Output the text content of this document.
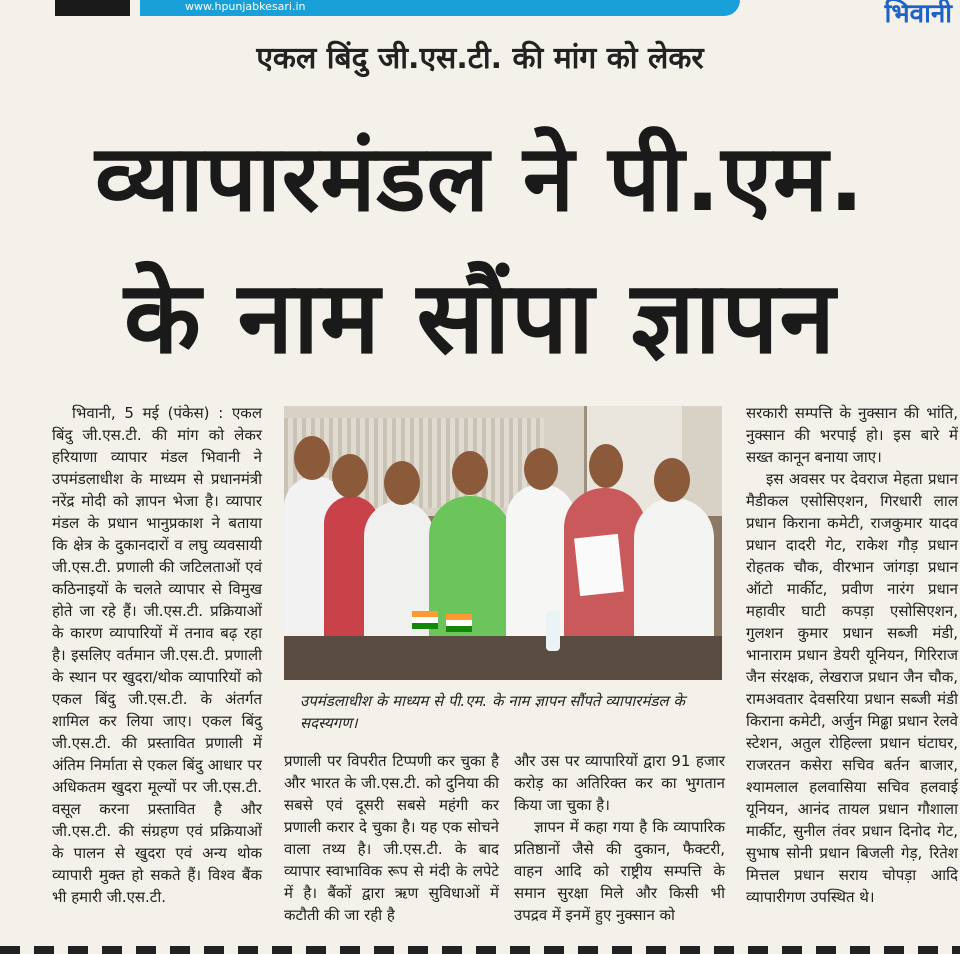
www.hpunjabkesari.in	भिवानी
एकल बिंदु जी.एस.टी. की मांग को लेकर
व्यापारमंडल ने पी.एम.
के नाम सौंपा ज्ञापन

भिवानी, 5 मई (पंकेस) : एकल बिंदु जी.एस.टी. की मांग को लेकर हरियाणा व्यापार मंडल भिवानी ने उपमंडलाधीश के माध्यम से प्रधानमंत्री नरेंद्र मोदी को ज्ञापन भेजा है। व्यापार मंडल के प्रधान भानुप्रकाश ने बताया कि क्षेत्र के दुकानदारों व लघु व्यवसायी जी.एस.टी. प्रणाली की जटिलताओं एवं कठिनाइयों के चलते व्यापार से विमुख होते जा रहे हैं। जी.एस.टी. प्रक्रियाओं के कारण व्यापारियों में तनाव बढ़ रहा है। इसलिए वर्तमान जी.एस.टी. प्रणाली के स्थान पर खुदरा/थोक व्यापारियों को एकल बिंदु जी.एस.टी. के अंतर्गत शामिल कर लिया जाए। एकल बिंदु जी.एस.टी. की प्रस्तावित प्रणाली में अंतिम निर्माता से एकल बिंदु आधार पर अधिकतम खुदरा मूल्यों पर जी.एस.टी. वसूल करना प्रस्तावित है और जी.एस.टी. की संग्रहण एवं प्रक्रियाओं के पालन से खुदरा एवं अन्य थोक व्यापारी मुक्त हो सकते हैं। विश्व बैंक भी हमारी जी.एस.टी.

उपमंडलाधीश के माध्यम से पी.एम. के नाम ज्ञापन सौंपते व्यापारमंडल के सदस्यगण।

प्रणाली पर विपरीत टिप्पणी कर चुका है और भारत के जी.एस.टी. को दुनिया की सबसे एवं दूसरी सबसे महंगी कर प्रणाली करार दे चुका है। यह एक सोचने वाला तथ्य है। जी.एस.टी. के बाद व्यापार स्वाभाविक रूप से मंदी के लपेटे में है। बैंकों द्वारा ऋण सुविधाओं में कटौती की जा रही है

और उस पर व्यापारियों द्वारा 91 हजार करोड़ का अतिरिक्त कर का भुगतान किया जा चुका है।

ज्ञापन में कहा गया है कि व्यापारिक प्रतिष्ठानों जैसे की दुकान, फैक्टरी, वाहन आदि को राष्ट्रीय सम्पत्ति के समान सुरक्षा मिले और किसी भी उपद्रव में इनमें हुए नुक्सान को

सरकारी सम्पत्ति के नुक्सान की भांति, नुक्सान की भरपाई हो। इस बारे में सख्त कानून बनाया जाए।

इस अवसर पर देवराज मेहता प्रधान मैडीकल एसोसिएशन, गिरधारी लाल प्रधान किराना कमेटी, राजकुमार यादव प्रधान दादरी गेट, राकेश गौड़ प्रधान रोहतक चौक, वीरभान जांगड़ा प्रधान ऑटो मार्कीट, प्रवीण नारंग प्रधान महावीर घाटी कपड़ा एसोसिएशन, गुलशन कुमार प्रधान सब्जी मंडी, भानाराम प्रधान डेयरी यूनियन, गिरिराज जैन संरक्षक, लेखराज प्रधान जैन चौक, रामअवतार देवसरिया प्रधान सब्जी मंडी किराना कमेटी, अर्जुन मिढ्ढा प्रधान रेलवे स्टेशन, अतुल रोहिल्ला प्रधान घंटाघर, राजरतन कसेरा सचिव बर्तन बाजार, श्यामलाल हलवासिया सचिव हलवाई यूनियन, आनंद तायल प्रधान गौशाला मार्कीट, सुनील तंवर प्रधान दिनोद गेट, सुभाष सोनी प्रधान बिजली गेड़, रितेश मित्तल प्रधान सराय चोपड़ा आदि व्यापारीगण उपस्थित थे।
